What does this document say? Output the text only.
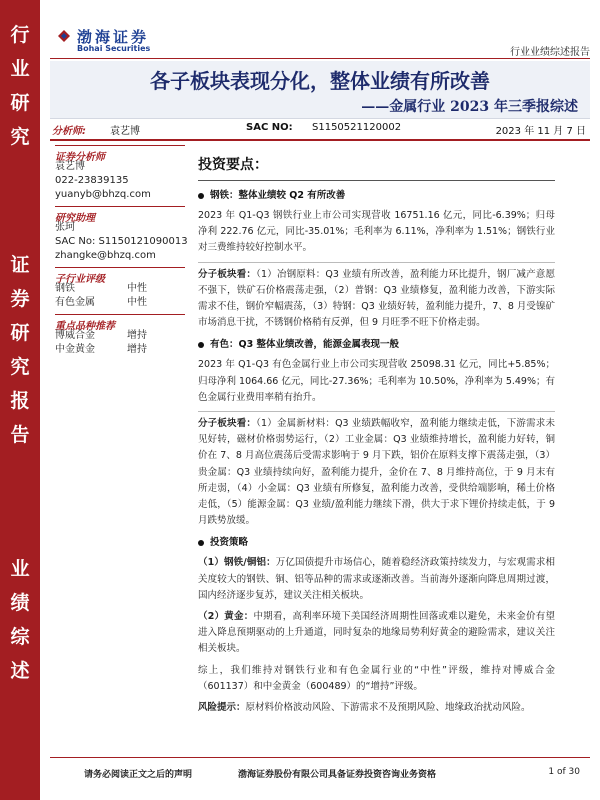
行
业
研
究
证
券
研
究
报
告
业
绩
综
述
渤海证券
Bohai Securities	行业业绩综述报告
各子板块表现分化，整体业绩有所改善
——金属行业 2023 年三季报综述
分析师: 袁艺博	SAC NO: S1150521120002	2023 年 11 月 7 日
证券分析师
袁艺博
022-23839135
yuanyb@bhzq.com
研究助理
张珂
SAC No: S1150121090013
zhangke@bhzq.com
子行业评级
钢铁	中性
有色金属	中性
重点品种推荐
博威合金	增持
中金黄金	增持
投资要点：
钢铁：整体业绩较 Q2 有所改善

2023 年 Q1-Q3 钢铁行业上市公司实现营收 16751.16 亿元，同比-6.39%；归母净利 222.76 亿元，同比-35.01%；毛利率为 6.11%，净利率为 1.51%；钢铁行业对三费维持较好控制水平。

分子板块看：（1）冶钢原料：Q3 业绩有所改善，盈利能力环比提升，钢厂减产意愿不强下，铁矿石价格震荡走强，（2）普钢：Q3 业绩修复，盈利能力改善，下游实际需求不佳，钢价窄幅震荡，（3）特钢：Q3 业绩好转，盈利能力提升，7、8 月受镍矿市场消息干扰，不锈钢价格稍有反弹，但 9 月旺季不旺下价格走弱。

有色：Q3 整体业绩改善，能源金属表现一般

2023 年 Q1-Q3 有色金属行业上市公司实现营收 25098.31 亿元，同比+5.85%；归母净利 1064.66 亿元，同比-27.36%；毛利率为 10.50%，净利率为 5.49%；有色金属行业费用率稍有抬升。

分子板块看：（1）金属新材料：Q3 业绩跌幅收窄，盈利能力继续走低，下游需求未见好转，磁材价格弱势运行，（2）工业金属：Q3 业绩维持增长，盈利能力好转，铜价在 7、8 月高位震荡后受需求影响于 9 月下跌，铝价在原料支撑下震荡走强，（3）贵金属：Q3 业绩持续向好，盈利能力提升，金价在 7、8 月维持高位，于 9 月末有所走弱，（4）小金属：Q3 业绩有所修复，盈利能力改善，受供给端影响，稀土价格走低，（5）能源金属：Q3 业绩/盈利能力继续下滑，供大于求下锂价持续走低，于 9 月跌势放缓。

投资策略

（1）钢铁/铜铝：万亿国债提升市场信心，随着稳经济政策持续发力，与宏观需求相关度较大的钢铁、铜、铝等品种的需求或逐渐改善。当前海外逐渐向降息周期过渡，国内经济逐步复苏，建议关注相关板块。

（2）黄金：中期看，高利率环境下美国经济周期性回落或难以避免，未来金价有望进入降息预期驱动的上升通道，同时复杂的地缘局势利好黄金的避险需求，建议关注相关板块。

综上，我们维持对钢铁行业和有色金属行业的“中性”评级，维持对博威合金（601137）和中金黄金（600489）的“增持”评级。

风险提示：原材料价格波动风险、下游需求不及预期风险、地缘政治扰动风险。

请务必阅读正文之后的声明	渤海证券股份有限公司具备证券投资咨询业务资格	1 of 30
